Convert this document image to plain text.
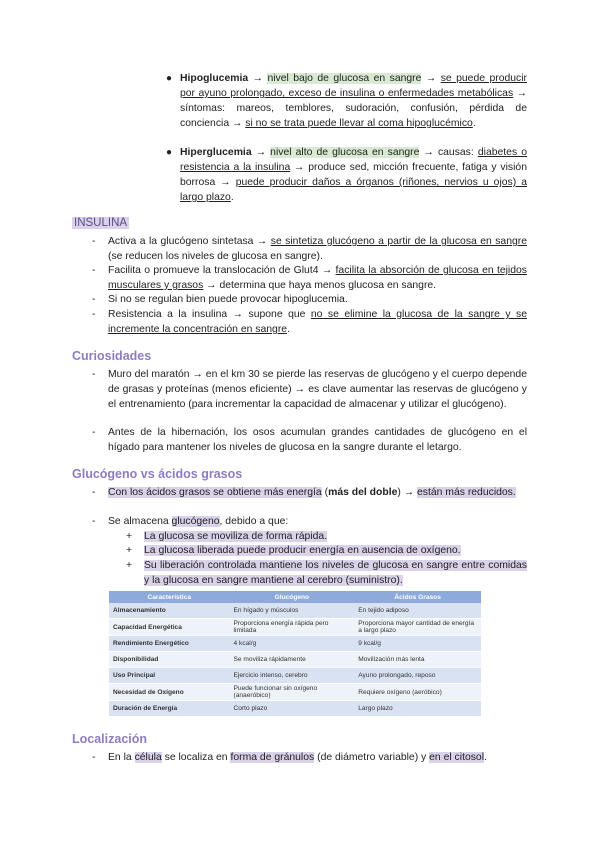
● Hipoglucemia → nivel bajo de glucosa en sangre → se puede producir por ayuno prolongado, exceso de insulina o enfermedades metabólicas → síntomas: mareos, temblores, sudoración, confusión, pérdida de conciencia → si no se trata puede llevar al coma hipoglucémico.

● Hiperglucemia → nivel alto de glucosa en sangre → causas: diabetes o resistencia a la insulina → produce sed, micción frecuente, fatiga y visión borrosa → puede producir daños a órganos (riñones, nervios u ojos) a largo plazo.

INSULINA
- Activa a la glucógeno sintetasa → se sintetiza glucógeno a partir de la glucosa en sangre (se reducen los niveles de glucosa en sangre).

- Facilita o promueve la translocación de Glut4 → facilita la absorción de glucosa en tejidos musculares y grasos → determina que haya menos glucosa en sangre.

- Si no se regulan bien puede provocar hipoglucemia.

- Resistencia a la insulina → supone que no se elimine la glucosa de la sangre y se incremente la concentración en sangre.

Curiosidades
- Muro del maratón → en el km 30 se pierde las reservas de glucógeno y el cuerpo depende de grasas y proteínas (menos eficiente) → es clave aumentar las reservas de glucógeno y el entrenamiento (para incrementar la capacidad de almacenar y utilizar el glucógeno).

- Antes de la hibernación, los osos acumulan grandes cantidades de glucógeno en el hígado para mantener los niveles de glucosa en la sangre durante el letargo.

Glucógeno vs ácidos grasos
- Con los ácidos grasos se obtiene más energía (más del doble) → están más reducidos.

- Se almacena glucógeno, debido a que:

+ La glucosa se moviliza de forma rápida.

+ La glucosa liberada puede producir energía en ausencia de oxígeno.

+ Su liberación controlada mantiene los niveles de glucosa en sangre entre comidas y la glucosa en sangre mantiene al cerebro (suministro).

Característica	Glucógeno	Ácidos Grasos
Almacenamiento	En hígado y músculos	En tejido adiposo
Capacidad Energética	Proporciona energía rápida pero limitada	Proporciona mayor cantidad de energía a largo plazo
Rendimiento Energético	4 kcal/g	9 kcal/g
Disponibilidad	Se moviliza rápidamente	Movilización más lenta
Uso Principal	Ejercicio intenso, cerebro	Ayuno prolongado, reposo
Necesidad de Oxígeno	Puede funcionar sin oxígeno (anaeróbico)	Requiere oxígeno (aeróbico)
Duración de Energía	Corto plazo	Largo plazo
Localización
- En la célula se localiza en forma de gránulos (de diámetro variable) y en el citosol.
